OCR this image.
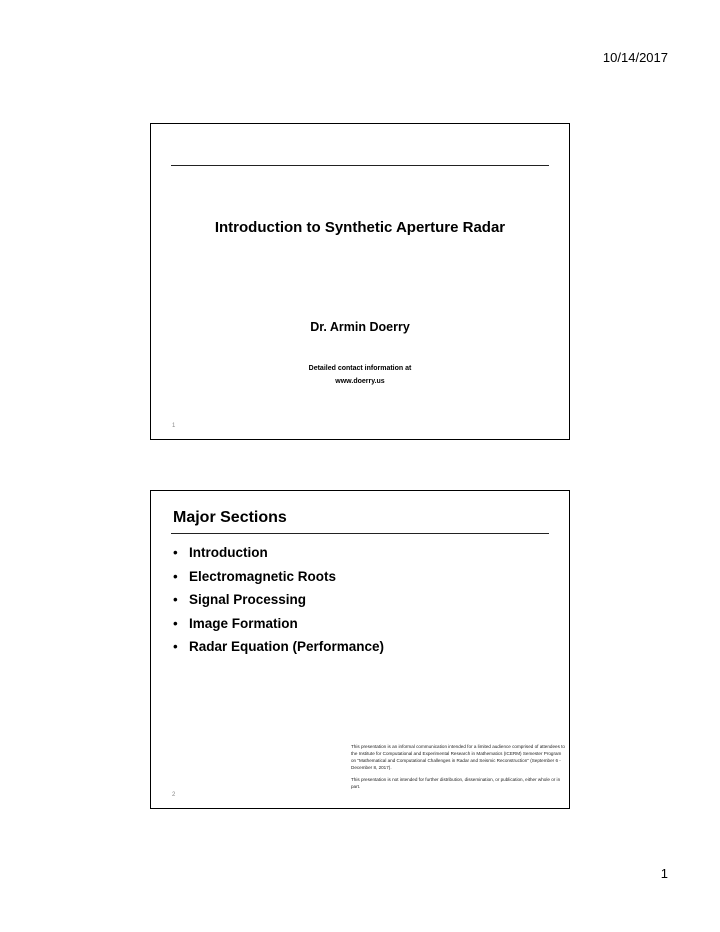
10/14/2017
Introduction to Synthetic Aperture Radar
Dr. Armin Doerry
Detailed contact information at
www.doerry.us
1
Major Sections
• Introduction
• Electromagnetic Roots
• Signal Processing
• Image Formation
• Radar Equation (Performance)

This presentation is an informal communication intended for a limited audience comprised of attendees to the Institute for Computational and Experimental Research in Mathematics (ICERM) Semester Program on "Mathematical and Computational Challenges in Radar and Seismic Reconstruction" (September 6 - December 8, 2017).

This presentation is not intended for further distribution, dissemination, or publication, either whole or in part.

2
1
